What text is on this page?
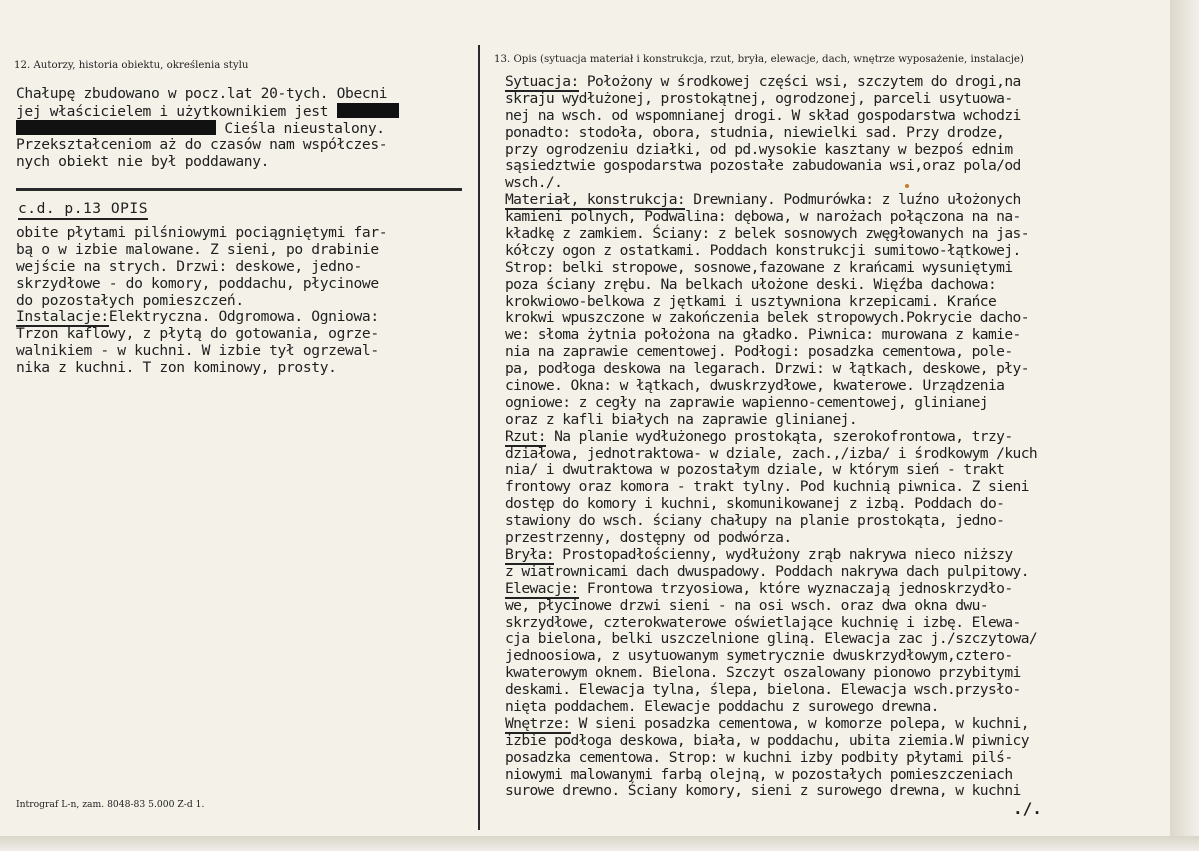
12. Autorzy, historia obiektu, określenia stylu
13. Opis (sytuacja materiał i konstrukcja, rzut, bryła, elewacje, dach, wnętrze wyposażenie, instalacje)
Chałupę zbudowano w pocz.lat 20-tych. Obecni
jej właścicielem i użytkownikiem jest
Cieśla nieustalony.
Przekształceniom aż do czasów nam współczes-
nych obiekt nie był poddawany.
c.d. p.13 OPIS
obite płytami pilśniowymi pociągniętymi far-
bą o w izbie malowane. Z sieni, po drabinie
wejście na strych. Drzwi: deskowe, jedno-
skrzydłowe - do komory, poddachu, płycinowe
do pozostałych pomieszczeń.
Instalacje:Elektryczna. Odgromowa. Ogniowa:
Trzon kaflowy, z płytą do gotowania, ogrze-
walnikiem - w kuchni. W izbie tył ogrzewal-
nika z kuchni. T zon kominowy, prosty.
Sytuacja: Położony w środkowej części wsi, szczytem do drogi,na
skraju wydłużonej, prostokątnej, ogrodzonej, parceli usytuowa-
nej na wsch. od wspomnianej drogi. W skład gospodarstwa wchodzi
ponadto: stodoła, obora, studnia, niewielki sad. Przy drodze,
przy ogrodzeniu działki, od pd.wysokie kasztany w bezpoś ednim
sąsiedztwie gospodarstwa pozostałe zabudowania wsi,oraz pola/od
wsch./.
Materiał, konstrukcja: Drewniany. Podmurówka: z luźno ułożonych
kamieni polnych, Podwalina: dębowa, w narożach połączona na na-
kładkę z zamkiem. Ściany: z belek sosnowych zwęgłowanych na jas-
kółczy ogon z ostatkami. Poddach konstrukcji sumitowo-łątkowej.
Strop: belki stropowe, sosnowe,fazowane z krańcami wysuniętymi
poza ściany zrębu. Na belkach ułożone deski. Więźba dachowa:
krokwiowo-belkowa z jętkami i usztywniona krzepicami. Krańce
krokwi wpuszczone w zakończenia belek stropowych.Pokrycie dacho-
we: słoma żytnia położona na gładko. Piwnica: murowana z kamie-
nia na zaprawie cementowej. Podłogi: posadzka cementowa, pole-
pa, podłoga deskowa na legarach. Drzwi: w łątkach, deskowe, pły-
cinowe. Okna: w łątkach, dwuskrzydłowe, kwaterowe. Urządzenia
ogniowe: z cegły na zaprawie wapienno-cementowej, glinianej
oraz z kafli białych na zaprawie glinianej.
Rzut: Na planie wydłużonego prostokąta, szerokofrontowa, trzy-
działowa, jednotraktowa- w dziale, zach.,/izba/ i środkowym /kuch
nia/ i dwutraktowa w pozostałym dziale, w którym sień - trakt
frontowy oraz komora - trakt tylny. Pod kuchnią piwnica. Z sieni
dostęp do komory i kuchni, skomunikowanej z izbą. Poddach do-
stawiony do wsch. ściany chałupy na planie prostokąta, jedno-
przestrzenny, dostępny od podwórza.
Bryła: Prostopadłościenny, wydłużony zrąb nakrywa nieco niższy
z wiatrownicami dach dwuspadowy. Poddach nakrywa dach pulpitowy.
Elewacje: Frontowa trzyosiowa, które wyznaczają jednoskrzydło-
we, płycinowe drzwi sieni - na osi wsch. oraz dwa okna dwu-
skrzydłowe, czterokwaterowe oświetlające kuchnię i izbę. Elewa-
cja bielona, belki uszczelnione gliną. Elewacja zac j./szczytowa/
jednoosiowa, z usytuowanym symetrycznie dwuskrzydłowym,cztero-
kwaterowym oknem. Bielona. Szczyt oszalowany pionowo przybitymi
deskami. Elewacja tylna, ślepa, bielona. Elewacja wsch.przysło-
nięta poddachem. Elewacje poddachu z surowego drewna.
Wnętrze: W sieni posadzka cementowa, w komorze polepa, w kuchni,
izbie podłoga deskowa, biała, w poddachu, ubita ziemia.W piwnicy
posadzka cementowa. Strop: w kuchni izby podbity płytami pilś-
niowymi malowanymi farbą olejną, w pozostałych pomieszczeniach
surowe drewno. Ściany komory, sieni z surowego drewna, w kuchni
./.
Intrograf L-n, zam. 8048-83 5.000 Z-d 1.
